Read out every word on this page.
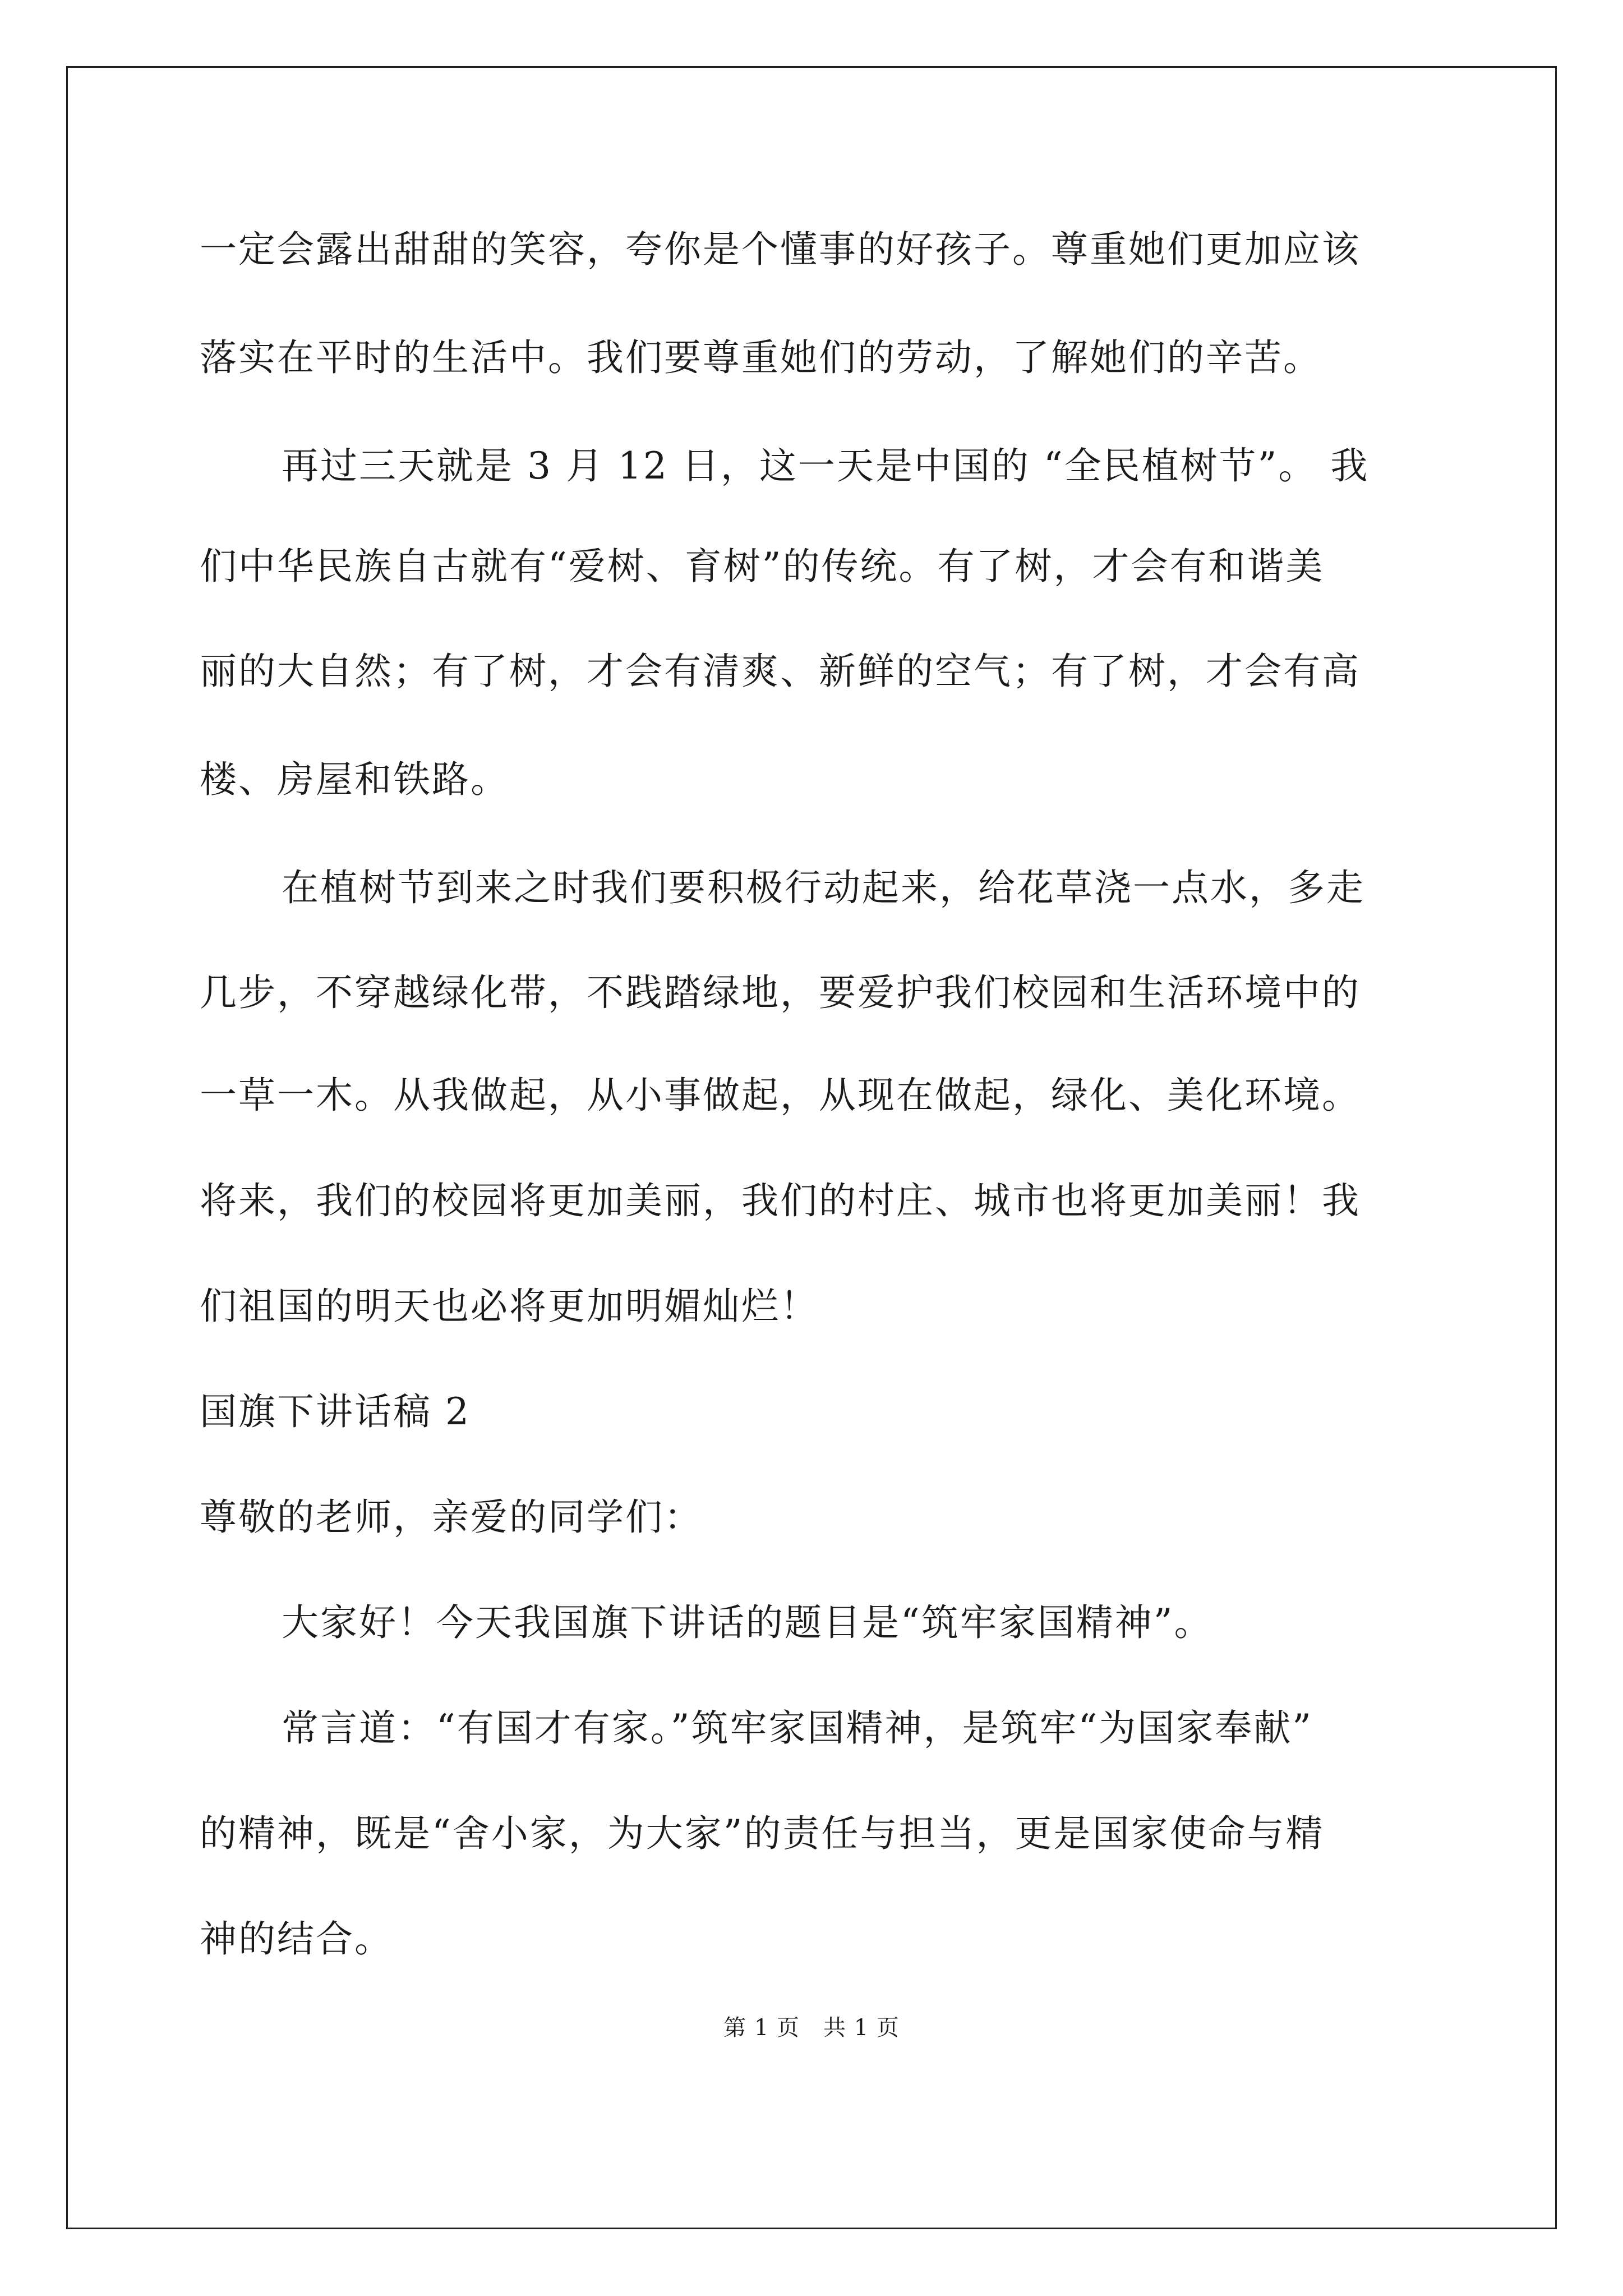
一定会露出甜甜的笑容，夸你是个懂事的好孩子。尊重她们更加应该
落实在平时的生活中。我们要尊重她们的劳动，了解她们的辛苦。
再过三天就是 3 月 12 日，这一天是中国的 “全民植树节”。 我
们中华民族自古就有“爱树、育树”的传统。有了树，才会有和谐美
丽的大自然；有了树，才会有清爽、新鲜的空气；有了树，才会有高
楼、房屋和铁路。
在植树节到来之时我们要积极行动起来，给花草浇一点水，多走
几步，不穿越绿化带，不践踏绿地，要爱护我们校园和生活环境中的
一草一木。从我做起，从小事做起，从现在做起，绿化、美化环境。
将来，我们的校园将更加美丽，我们的村庄、城市也将更加美丽！我
们祖国的明天也必将更加明媚灿烂！
国旗下讲话稿 2
尊敬的老师，亲爱的同学们：
大家好！今天我国旗下讲话的题目是“筑牢家国精神”。
常言道：“有国才有家。”筑牢家国精神，是筑牢“为国家奉献”
的精神，既是“舍小家，为大家”的责任与担当，更是国家使命与精
神的结合。
第 1 页 共 1 页
